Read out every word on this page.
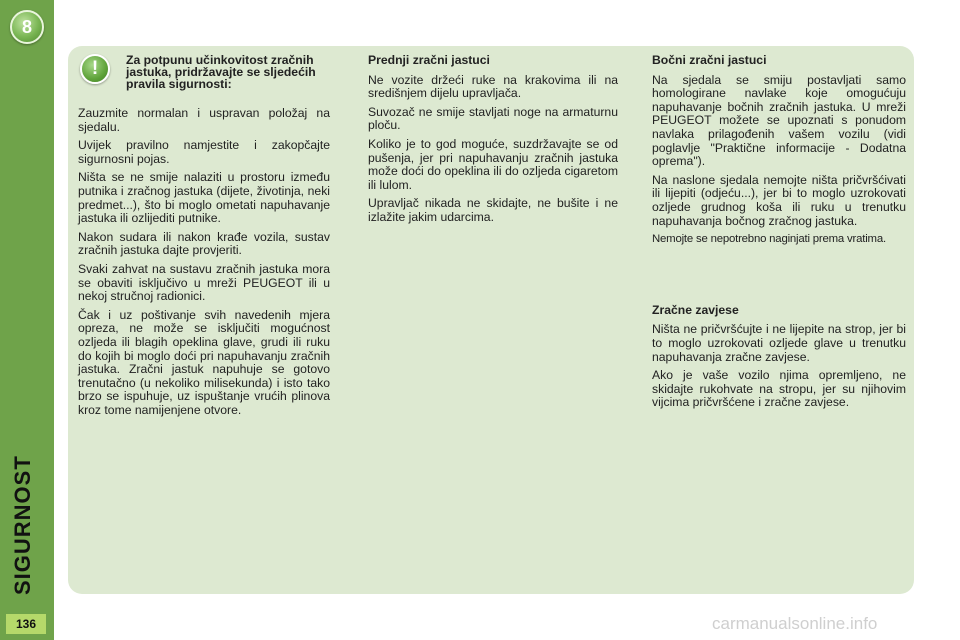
8
SIGURNOST
136
!	Za potpunu učinkovitost zračnih jastuka, pridržavajte se sljedećih pravila sigurnosti:

Zauzmite normalan i uspravan položaj na sjedalu.

Uvijek pravilno namjestite i zakopčajte sigurnosni pojas.

Ništa se ne smije nalaziti u prostoru između putnika i zračnog jastuka (dijete, životinja, neki predmet...), što bi moglo ometati napuhavanje jastuka ili ozlijediti putnike.

Nakon sudara ili nakon krađe vozila, sustav zračnih jastuka dajte provjeriti.

Svaki zahvat na sustavu zračnih jastuka mora se obaviti isključivo u mreži PEUGEOT ili u nekoj stručnoj radionici.

Čak i uz poštivanje svih navedenih mjera opreza, ne može se isključiti mogućnost ozljeda ili blagih opeklina glave, grudi ili ruku do kojih bi moglo doći pri napuhavanju zračnih jastuka. Zračni jastuk napuhuje se gotovo trenutačno (u nekoliko milisekunda) i isto tako brzo se ispuhuje, uz ispuštanje vrućih plinova kroz tome namijenjene otvore.

Prednji zračni jastuci

Ne vozite držeći ruke na krakovima ili na središnjem dijelu upravljača.

Suvozač ne smije stavljati noge na armaturnu ploču.

Koliko je to god moguće, suzdržavajte se od pušenja, jer pri napuhavanju zračnih jastuka može doći do opeklina ili do ozljeda cigaretom ili lulom.

Upravljač nikada ne skidajte, ne bušite i ne izlažite jakim udarcima.

Bočni zračni jastuci

Na sjedala se smiju postavljati samo homologirane navlake koje omogućuju napuhavanje bočnih zračnih jastuka. U mreži PEUGEOT možete se upoznati s ponudom navlaka prilagođenih vašem vozilu (vidi poglavlje "Praktične informacije - Dodatna oprema").

Na naslone sjedala nemojte ništa pričvršćivati ili lijepiti (odjeću...), jer bi to moglo uzrokovati ozljede grudnog koša ili ruku u trenutku napuhavanja bočnog zračnog jastuka.

Nemojte se nepotrebno naginjati prema vratima.

Zračne zavjese

Ništa ne pričvršćujte i ne lijepite na strop, jer bi to moglo uzrokovati ozljede glave u trenutku napuhavanja zračne zavjese.

Ako je vaše vozilo njima opremljeno, ne skidajte rukohvate na stropu, jer su njihovim vijcima pričvršćene i zračne zavjese.

carmanualsonline.info
